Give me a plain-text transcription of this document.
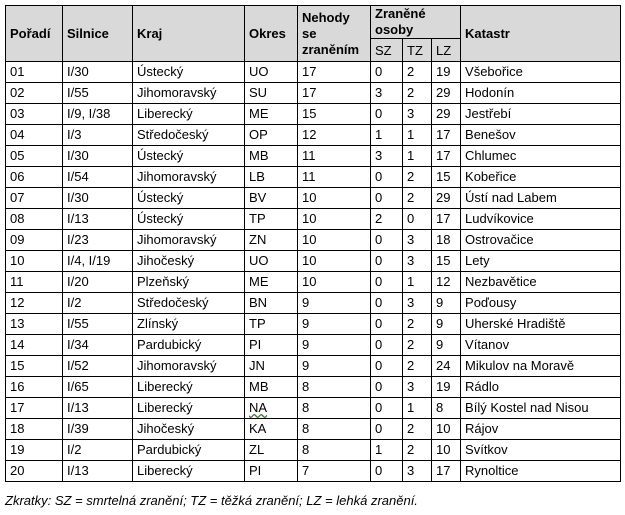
Pořadí	Silnice	Kraj	Okres	Nehody se zraněním	Zraněné osoby			Katastr
					SZ	TZ	LZ	
01	I/30	Ústecký	UO	17	0	2	19	Všebořice
02	I/55	Jihomoravský	SU	17	3	2	29	Hodonín
03	I/9, I/38	Liberecký	ME	15	0	3	29	Jestřebí
04	I/3	Středočeský	OP	12	1	1	17	Benešov
05	I/30	Ústecký	MB	11	3	1	17	Chlumec
06	I/54	Jihomoravský	LB	11	0	2	15	Kobeřice
07	I/30	Ústecký	BV	10	0	2	29	Ústí nad Labem
08	I/13	Ústecký	TP	10	2	0	17	Ludvíkovice
09	I/23	Jihomoravský	ZN	10	0	3	18	Ostrovačice
10	I/4, I/19	Jihočeský	UO	10	0	3	15	Lety
11	I/20	Plzeňský	ME	10	0	1	12	Nezbavětice
12	I/2	Středočeský	BN	9	0	3	9	Poďousy
13	I/55	Zlínský	TP	9	0	2	9	Uherské Hradiště
14	I/34	Pardubický	PI	9	0	2	9	Vítanov
15	I/52	Jihomoravský	JN	9	0	2	24	Mikulov na Moravě
16	I/65	Liberecký	MB	8	0	3	19	Rádlo
17	I/13	Liberecký	NA	8	0	1	8	Bílý Kostel nad Nisou
18	I/39	Jihočeský	KA	8	0	2	10	Rájov
19	I/2	Pardubický	ZL	8	1	2	10	Svítkov
20	I/13	Liberecký	PI	7	0	3	17	Rynoltice
Zkratky: SZ = smrtelná zranění; TZ = těžká zranění; LZ = lehká zranění.
